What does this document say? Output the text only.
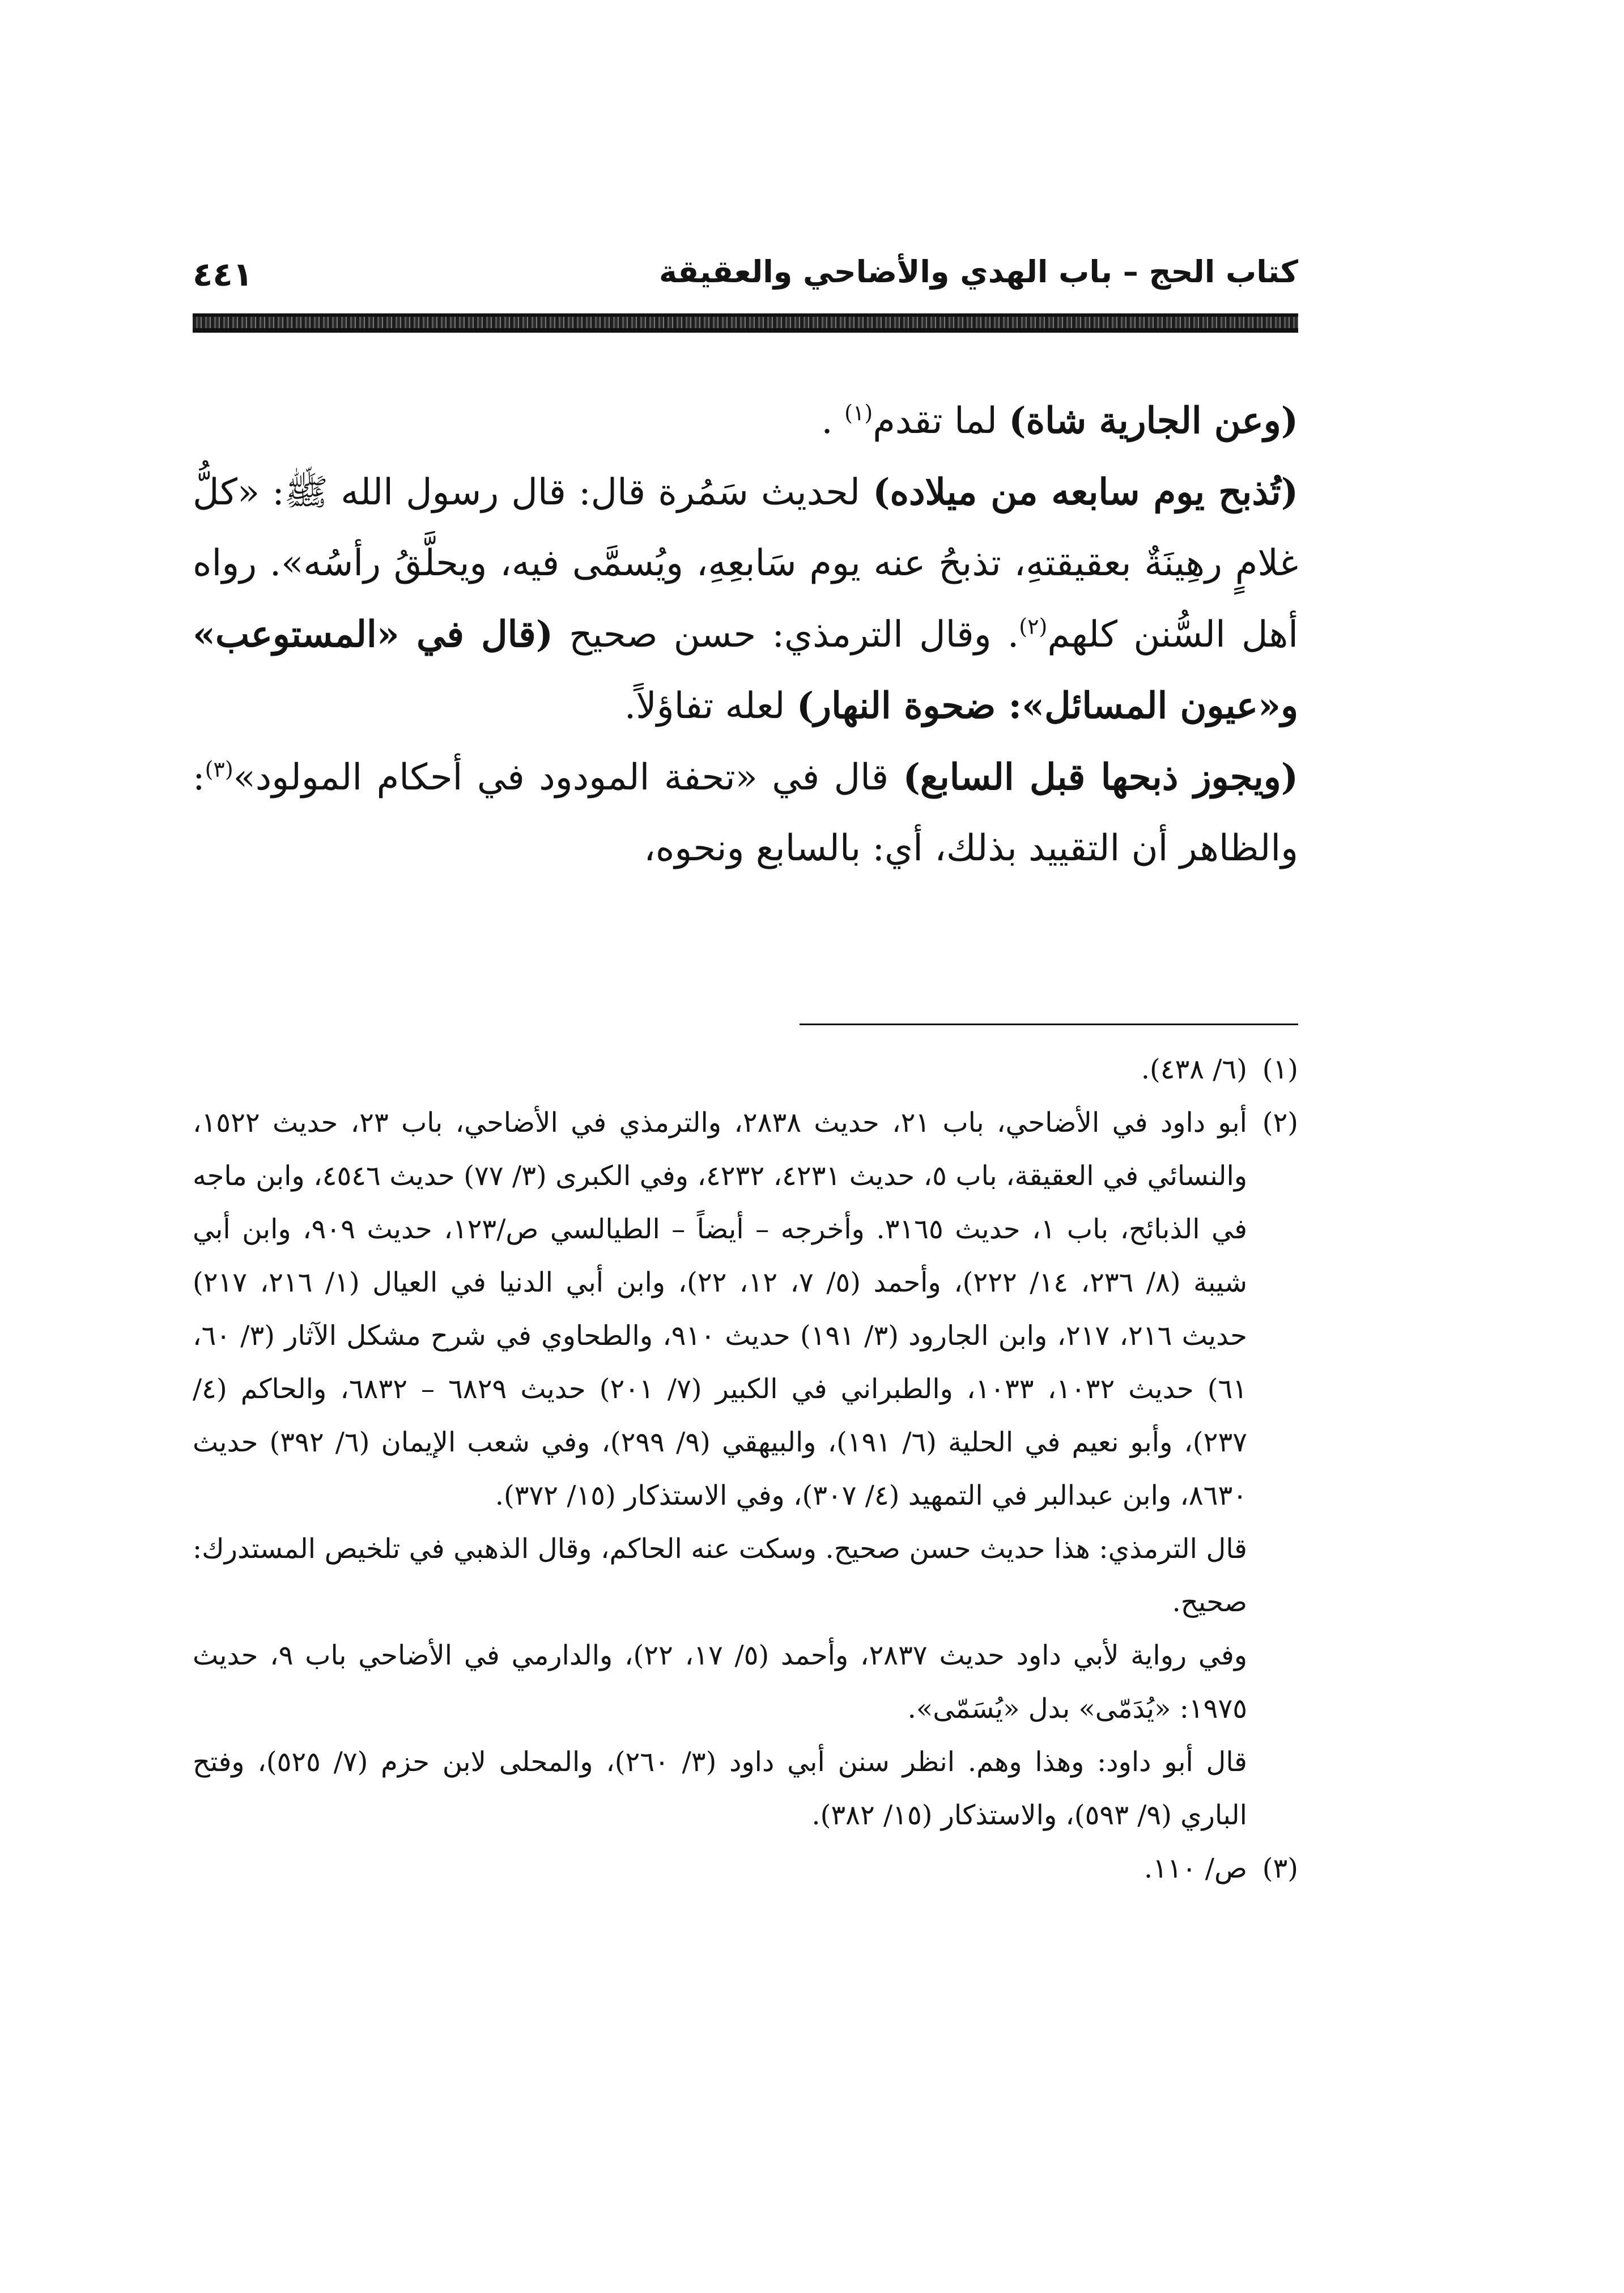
كتاب الحج – باب الهدي والأضاحي والعقيقة
٤٤١

(وعن الجارية شاة) لما تقدم$^{(١)}$ .

(تُذبح يوم سابعه من ميلاده) لحديث سَمُرة قال: قال رسول الله ﷺ: «كلُّ غلامٍ رهِينَةٌ بعقيقتهِ، تذبحُ عنه يوم سَابعِهِ، ويُسمَّى فيه، ويحلَّقُ رأسُه». رواه أهل السُّنن كلهم$^{(٢)}$. وقال الترمذي: حسن صحيح (قال في «المستوعب» و«عيون المسائل»: ضحوة النهار) لعله تفاؤلاً.

(ويجوز ذبحها قبل السابع) قال في «تحفة المودود في أحكام المولود»$^{(٣)}$: والظاهر أن التقييد بذلك، أي: بالسابع ونحوه،

(١)
(٦/ ٤٣٨).
(٢)
أبو داود في الأضاحي، باب ٢١، حديث ٢٨٣٨، والترمذي في الأضاحي، باب ٢٣، حديث ١٥٢٢، والنسائي في العقيقة، باب ٥، حديث ٤٢٣١، ٤٢٣٢، وفي الكبرى (٣/ ٧٧) حديث ٤٥٤٦، وابن ماجه في الذبائح، باب ١، حديث ٣١٦٥. وأخرجه – أيضاً – الطيالسي ص/١٢٣، حديث ٩٠٩، وابن أبي شيبة (٨/ ٢٣٦، ١٤/ ٢٢٢)، وأحمد (٥/ ٧، ١٢، ٢٢)، وابن أبي الدنيا في العيال (١/ ٢١٦، ٢١٧) حديث ٢١٦، ٢١٧، وابن الجارود (٣/ ١٩١) حديث ٩١٠، والطحاوي في شرح مشكل الآثار (٣/ ٦٠، ٦١) حديث ١٠٣٢، ١٠٣٣، والطبراني في الكبير (٧/ ٢٠١) حديث ٦٨٢٩ – ٦٨٣٢، والحاكم (٤/ ٢٣٧)، وأبو نعيم في الحلية (٦/ ١٩١)، والبيهقي (٩/ ٢٩٩)، وفي شعب الإيمان (٦/ ٣٩٢) حديث ٨٦٣٠، وابن عبدالبر في التمهيد (٤/ ٣٠٧)، وفي الاستذكار (١٥/ ٣٧٢).
قال الترمذي: هذا حديث حسن صحيح. وسكت عنه الحاكم، وقال الذهبي في تلخيص المستدرك: صحيح.
وفي رواية لأبي داود حديث ٢٨٣٧، وأحمد (٥/ ١٧، ٢٢)، والدارمي في الأضاحي باب ٩، حديث ١٩٧٥: «يُدَمّى» بدل «يُسَمّى».
قال أبو داود: وهذا وهم. انظر سنن أبي داود (٣/ ٢٦٠)، والمحلى لابن حزم (٧/ ٥٢٥)، وفتح الباري (٩/ ٥٩٣)، والاستذكار (١٥/ ٣٨٢).
(٣)
ص/ ١١٠.
